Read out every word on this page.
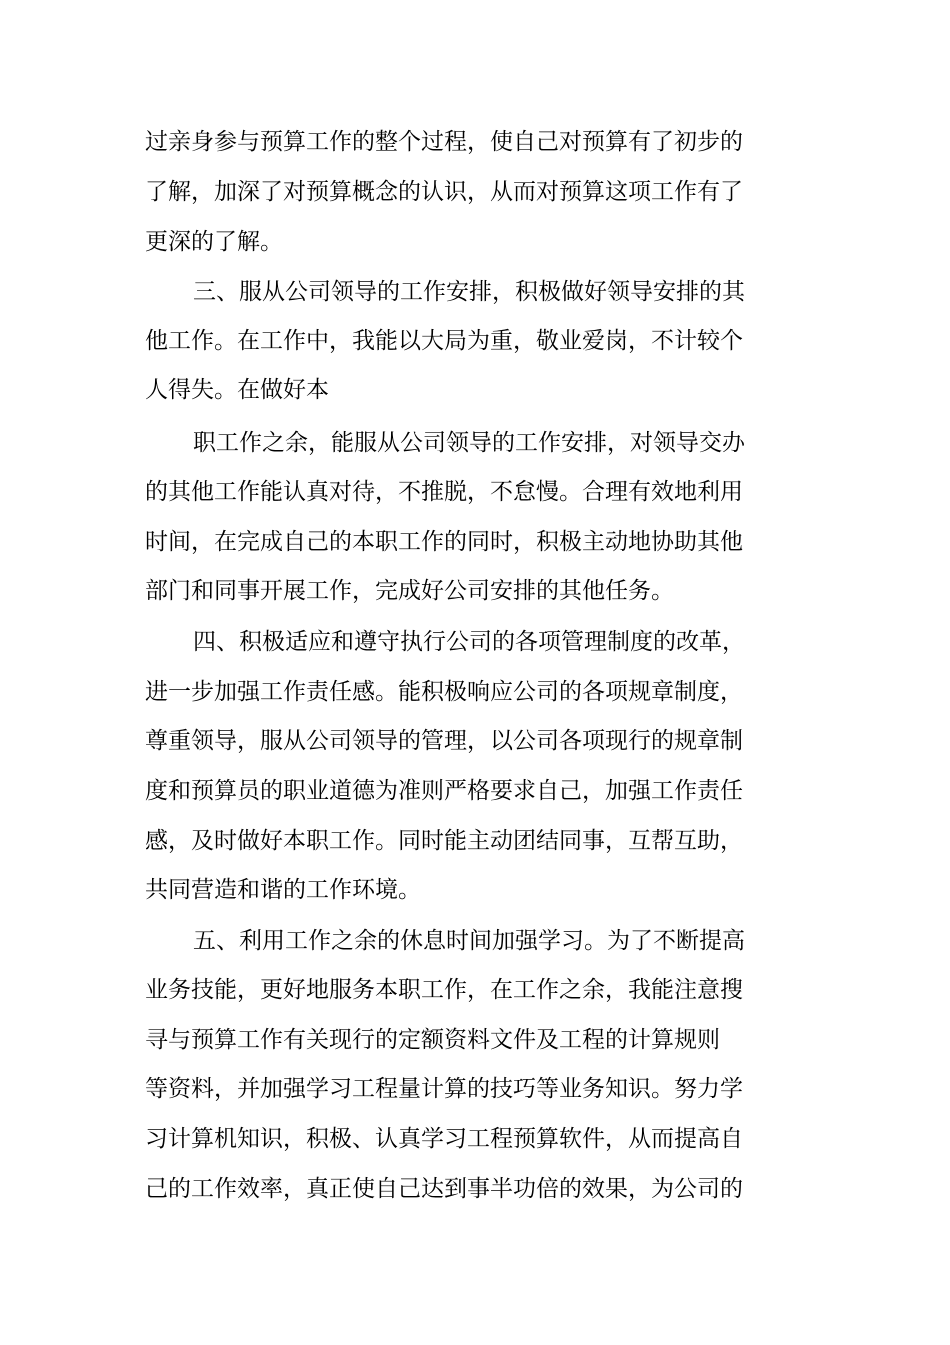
过亲身参与预算工作的整个过程，使自己对预算有了初步的

了解，加深了对预算概念的认识，从而对预算这项工作有了

更深的了解。

三、服从公司领导的工作安排，积极做好领导安排的其

他工作。在工作中，我能以大局为重，敬业爱岗，不计较个

人得失。在做好本

职工作之余，能服从公司领导的工作安排，对领导交办

的其他工作能认真对待，不推脱，不怠慢。合理有效地利用

时间，在完成自己的本职工作的同时，积极主动地协助其他

部门和同事开展工作，完成好公司安排的其他任务。

四、积极适应和遵守执行公司的各项管理制度的改革，

进一步加强工作责任感。能积极响应公司的各项规章制度，

尊重领导，服从公司领导的管理，以公司各项现行的规章制

度和预算员的职业道德为准则严格要求自己，加强工作责任

感，及时做好本职工作。同时能主动团结同事，互帮互助，

共同营造和谐的工作环境。

五、利用工作之余的休息时间加强学习。为了不断提高

业务技能，更好地服务本职工作，在工作之余，我能注意搜

寻与预算工作有关现行的定额资料文件及工程的计算规则

等资料，并加强学习工程量计算的技巧等业务知识。努力学

习计算机知识，积极、认真学习工程预算软件，从而提高自

己的工作效率，真正使自己达到事半功倍的效果，为公司的
